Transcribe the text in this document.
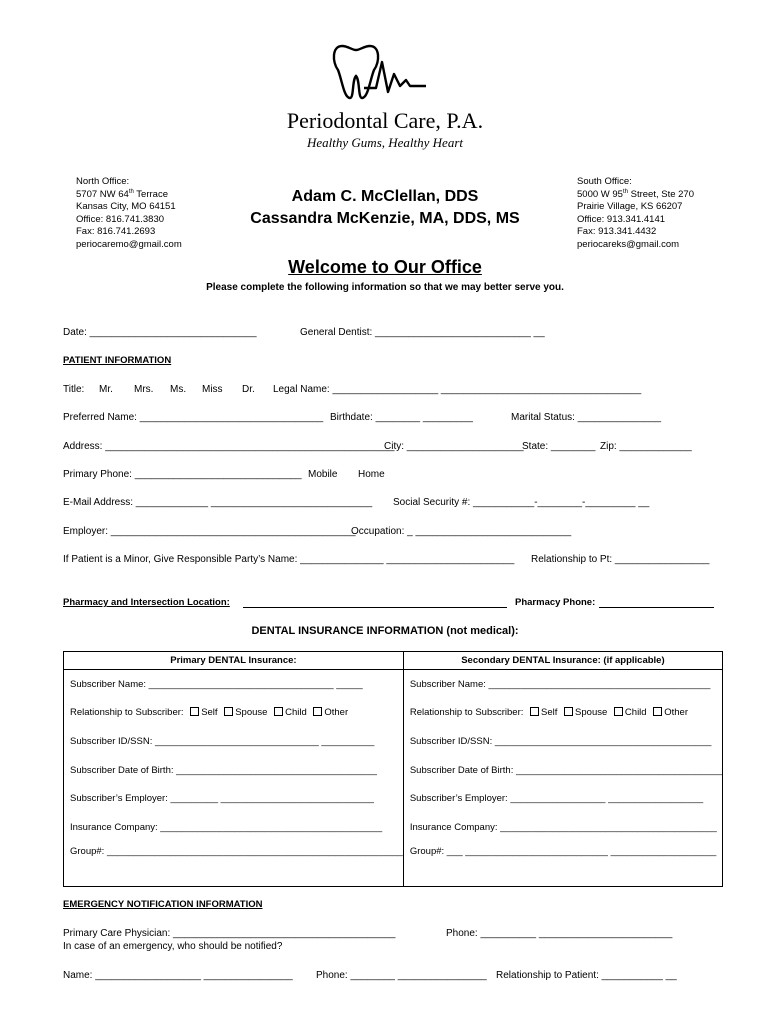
Periodontal Care, P.A.
Healthy Gums, Healthy Heart
North Office:
5707 NW 64th Terrace
Kansas City, MO 64151
Office: 816.741.3830
Fax: 816.741.2693
periocaremo@gmail.com
Adam C. McClellan, DDS
Cassandra McKenzie, MA, DDS, MS
South Office:
5000 W 95th Street, Ste 270
Prairie Village, KS 66207
Office: 913.341.4141
Fax: 913.341.4432
periocareks@gmail.com
Welcome to Our Office
Please complete the following information so that we may better serve you.
Date: ______________________________	General Dentist: ____________________________ __
PATIENT INFORMATION
Title: Mr. Mrs. Ms. Miss Dr. Legal Name: ___________________ ____________________________________
Preferred Name: _________________________________ Birthdate: ________ _________	Marital Status: _______________
Address: ____________________________________________________
City: _____________________
State: ________ Zip: _____________
Primary Phone: ______________________________ Mobile Home
E-Mail Address: _____________ _____________________________ Social Security #: ___________-________-_________ __
Employer: ____________________________________________
Occupation: _ ____________________________
If Patient is a Minor, Give Responsible Party’s Name: _______________ _______________________ Relationship to Pt: _________________
Pharmacy and Intersection Location:	Pharmacy Phone:
DENTAL INSURANCE INFORMATION (not medical):
Primary DENTAL Insurance:	Secondary DENTAL Insurance: (if applicable)
Subscriber Name: ___________________________________ _____	Subscriber Name: __________________________________________
Relationship to Subscriber: Self Spouse Child Other	Relationship to Subscriber: Self Spouse Child Other
Subscriber ID/SSN: _______________________________ __________	Subscriber ID/SSN: _________________________________________
Subscriber Date of Birth: ______________________________________	Subscriber Date of Birth: _______________________________________
Subscriber’s Employer: _________ _____________________________	Subscriber’s Employer: __________________ __________________
Insurance Company: __________________________________________	Insurance Company: _________________________________________
Group#: ________________________________________________________	Group#: ___ ___________________________ ____________________
EMERGENCY NOTIFICATION INFORMATION
Primary Care Physician: ________________________________________	Phone: __________ ________________________
In case of an emergency, who should be notified?
Name: ___________________ ________________ Phone: ________ ________________ Relationship to Patient: ___________ __
